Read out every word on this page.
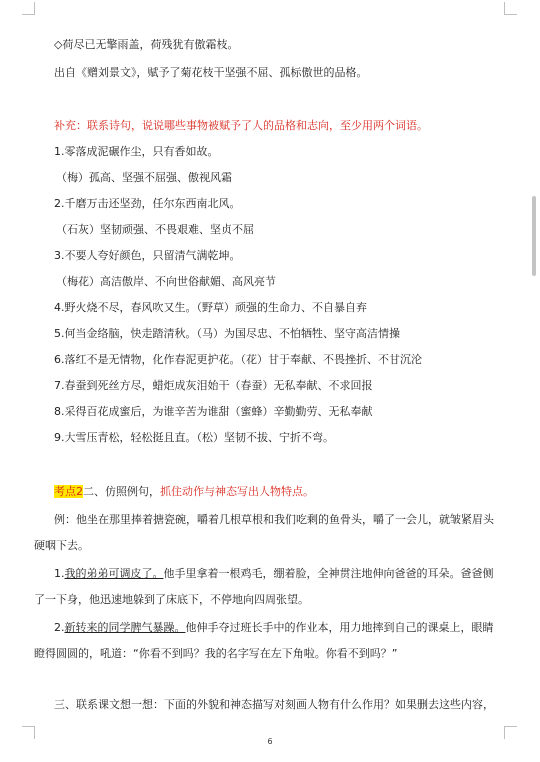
◇荷尽已无擎雨盖，荷残犹有傲霜枝。
出自《赠刘景文》，赋予了菊花枝干坚强不屈、孤标傲世的品格。
补充：联系诗句，说说哪些事物被赋予了人的品格和志向，至少用两个词语。
1.零落成泥碾作尘，只有香如故。
（梅）孤高、坚强不屈强、傲视风霜
2.千磨万击还坚劲，任尔东西南北风。
（石灰）坚韧顽强、不畏艰难、坚贞不屈
3.不要人夸好颜色，只留清气满乾坤。
（梅花）高洁傲岸、不向世俗献媚、高风亮节
4.野火烧不尽，春风吹又生。（野草）顽强的生命力、不自暴自弃
5.何当金络脑，快走踏清秋。（马）为国尽忠、不怕牺牲、坚守高洁情操
6.落红不是无情物，化作春泥更护花。（花）甘于奉献、不畏挫折、不甘沉沦
7.春蚕到死丝方尽，蜡炬成灰泪始干（春蚕）无私奉献、不求回报
8.采得百花成蜜后，为谁辛苦为谁甜（蜜蜂）辛勤勤劳、无私奉献
9.大雪压青松，轻松挺且直。（松）坚韧不拔、宁折不弯。
考点2二、仿照例句，抓住动作与神态写出人物特点。
例：他坐在那里捧着搪瓷碗，嚼着几根草根和我们吃剩的鱼骨头，嚼了一会儿，就皱紧眉头
硬咽下去。
1.我的弟弟可调皮了。他手里拿着一根鸡毛，绷着脸，全神贯注地伸向爸爸的耳朵。爸爸侧
了一下身，他迅速地躲到了床底下，不停地向四周张望。
2.新转来的同学脾气暴躁。他伸手夺过班长手中的作业本，用力地摔到自己的课桌上，眼睛
瞪得圆圆的，吼道：“你看不到吗？我的名字写在左下角啦。你看不到吗？”
三、联系课文想一想：下面的外貌和神态描写对刻画人物有什么作用？如果删去这些内容，
6
